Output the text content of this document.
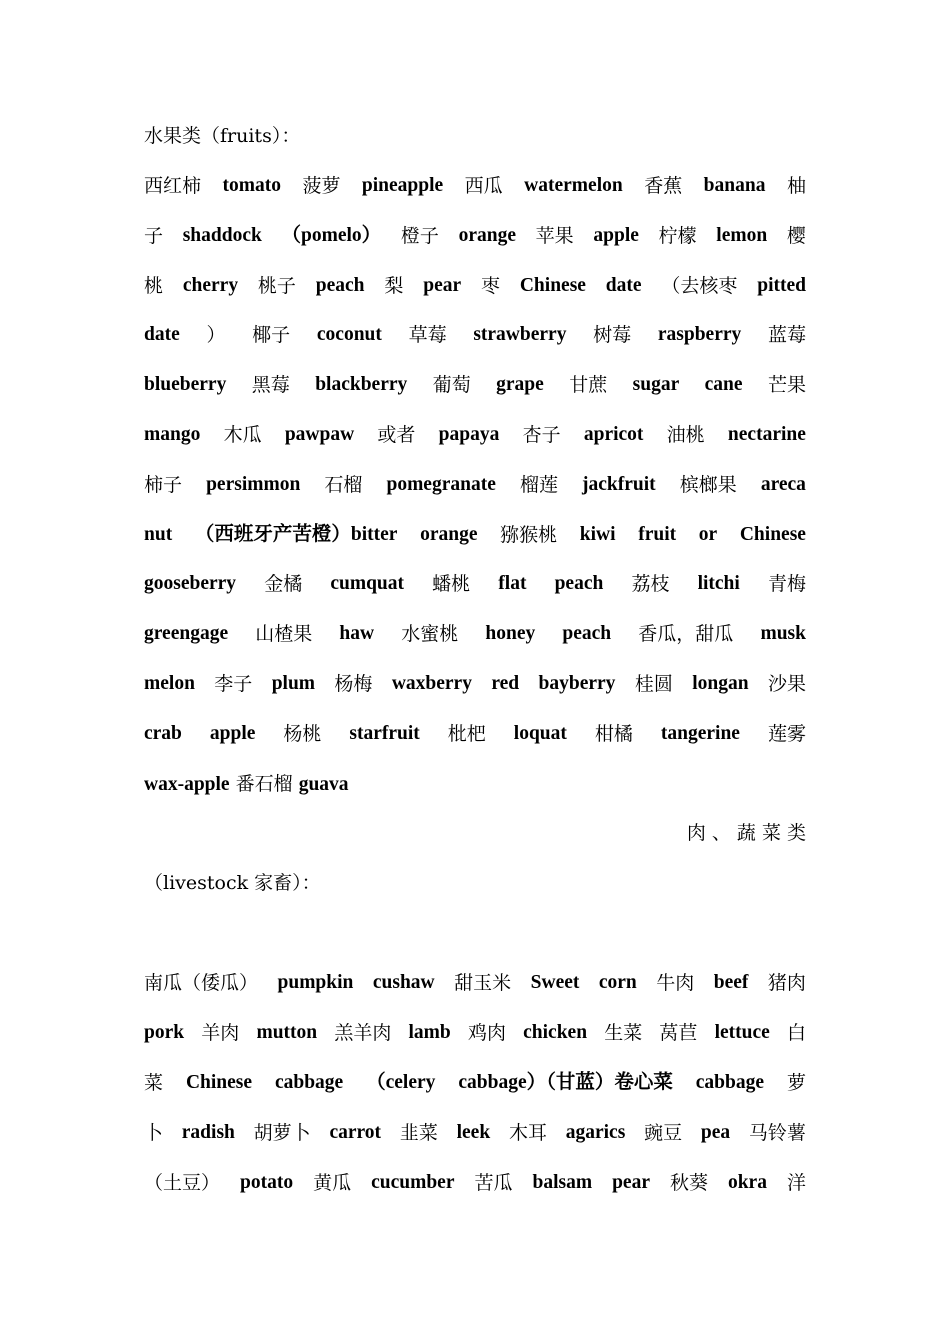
水果类（fruits）：
西红柿 tomato 菠萝 pineapple 西瓜 watermelon 香蕉 banana 柚
子 shaddock （pomelo） 橙子 orange 苹果 apple 柠檬 lemon 樱
桃 cherry 桃子 peach 梨 pear 枣 Chinese date （去核枣 pitted
date ） 椰子 coconut 草莓 strawberry 树莓 raspberry 蓝莓
blueberry 黑莓 blackberry 葡萄 grape 甘蔗 sugar cane 芒果
mango 木瓜 pawpaw 或者 papaya 杏子 apricot 油桃 nectarine
柿子 persimmon 石榴 pomegranate 榴莲 jackfruit 槟榔果 areca
nut （西班牙产苦橙）bitter orange 猕猴桃 kiwi fruit or Chinese
gooseberry 金橘 cumquat 蟠桃 flat peach 荔枝 litchi 青梅
greengage 山楂果 haw 水蜜桃 honey peach 香瓜，甜瓜 musk
melon 李子 plum 杨梅 waxberry red bayberry 桂圆 longan 沙果
crab apple 杨桃 starfruit 枇杷 loquat 柑橘 tangerine 莲雾
wax-apple 番石榴 guava
肉 、 蔬 菜 类
（livestock 家畜）：
南瓜（倭瓜） pumpkin cushaw 甜玉米 Sweet corn 牛肉 beef 猪肉
pork 羊肉 mutton 羔羊肉 lamb 鸡肉 chicken 生菜 莴苣 lettuce 白
菜 Chinese cabbage （celery cabbage）（甘蓝）卷心菜 cabbage 萝
卜 radish 胡萝卜 carrot 韭菜 leek 木耳 agarics 豌豆 pea 马铃薯
（土豆） potato 黄瓜 cucumber 苦瓜 balsam pear 秋葵 okra 洋
